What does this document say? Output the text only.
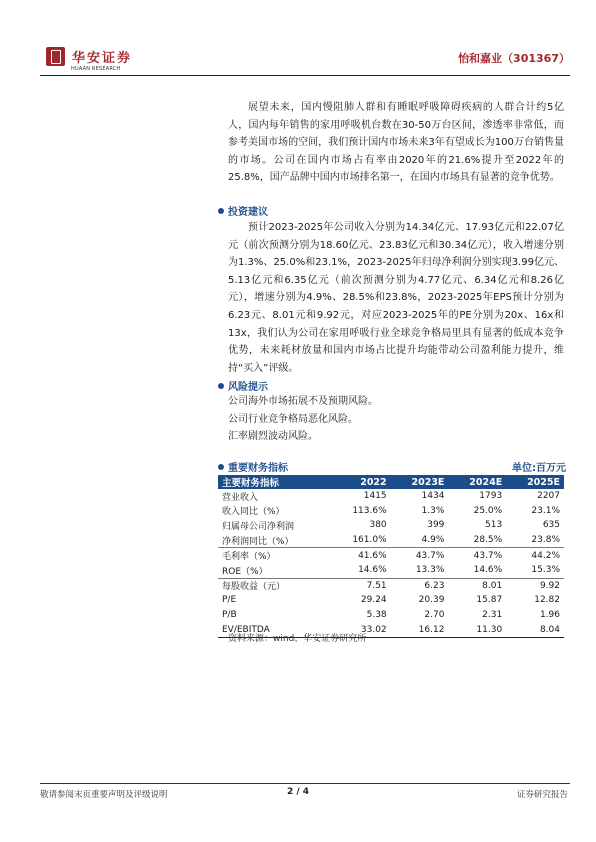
华安证券
HUAAN RESEARCH
怡和嘉业（301367）

展望未来，国内慢阻肺人群和有睡眠呼吸障碍疾病的人群合计约5亿人，国内每年销售的家用呼吸机台数在30-50万台区间，渗透率非常低，而参考美国市场的空间，我们预计国内市场未来3年有望成长为100万台销售量的市场。公司在国内市场占有率由2020年的21.6%提升至2022年的25.8%，国产品牌中国内市场排名第一，在国内市场具有显著的竞争优势。

投资建议

预计2023-2025年公司收入分别为14.34亿元、17.93亿元和22.07亿元（前次预测分别为18.60亿元、23.83亿元和30.34亿元），收入增速分别为1.3%、25.0%和23.1%，2023-2025年归母净利润分别实现3.99亿元、5.13亿元和6.35亿元（前次预测分别为4.77亿元、6.34亿元和8.26亿元），增速分别为4.9%、28.5%和23.8%，2023-2025年EPS预计分别为6.23元、8.01元和9.92元，对应2023-2025年的PE分别为20x、16x和13x，我们认为公司在家用呼吸行业全球竞争格局里具有显著的低成本竞争优势，未来耗材放量和国内市场占比提升均能带动公司盈利能力提升，维持“买入”评级。

风险提示
公司海外市场拓展不及预期风险。
公司行业竞争格局恶化风险。
汇率剧烈波动风险。
重要财务指标	单位:百万元
主要财务指标	2022	2023E	2024E	2025E
营业收入	1415	1434	1793	2207
收入同比（%）	113.6%	1.3%	25.0%	23.1%
归属母公司净利润	380	399	513	635
净利润同比（%）	161.0%	4.9%	28.5%	23.8%
毛利率（%）	41.6%	43.7%	43.7%	44.2%
ROE（%）	14.6%	13.3%	14.6%	15.3%
每股收益（元）	7.51	6.23	8.01	9.92
P/E	29.24	20.39	15.87	12.82
P/B	5.38	2.70	2.31	1.96
EV/EBITDA	33.02	16.12	11.30	8.04
资料来源：wind、华安证券研究所
敬请参阅末页重要声明及评级说明	2 / 4	证券研究报告
